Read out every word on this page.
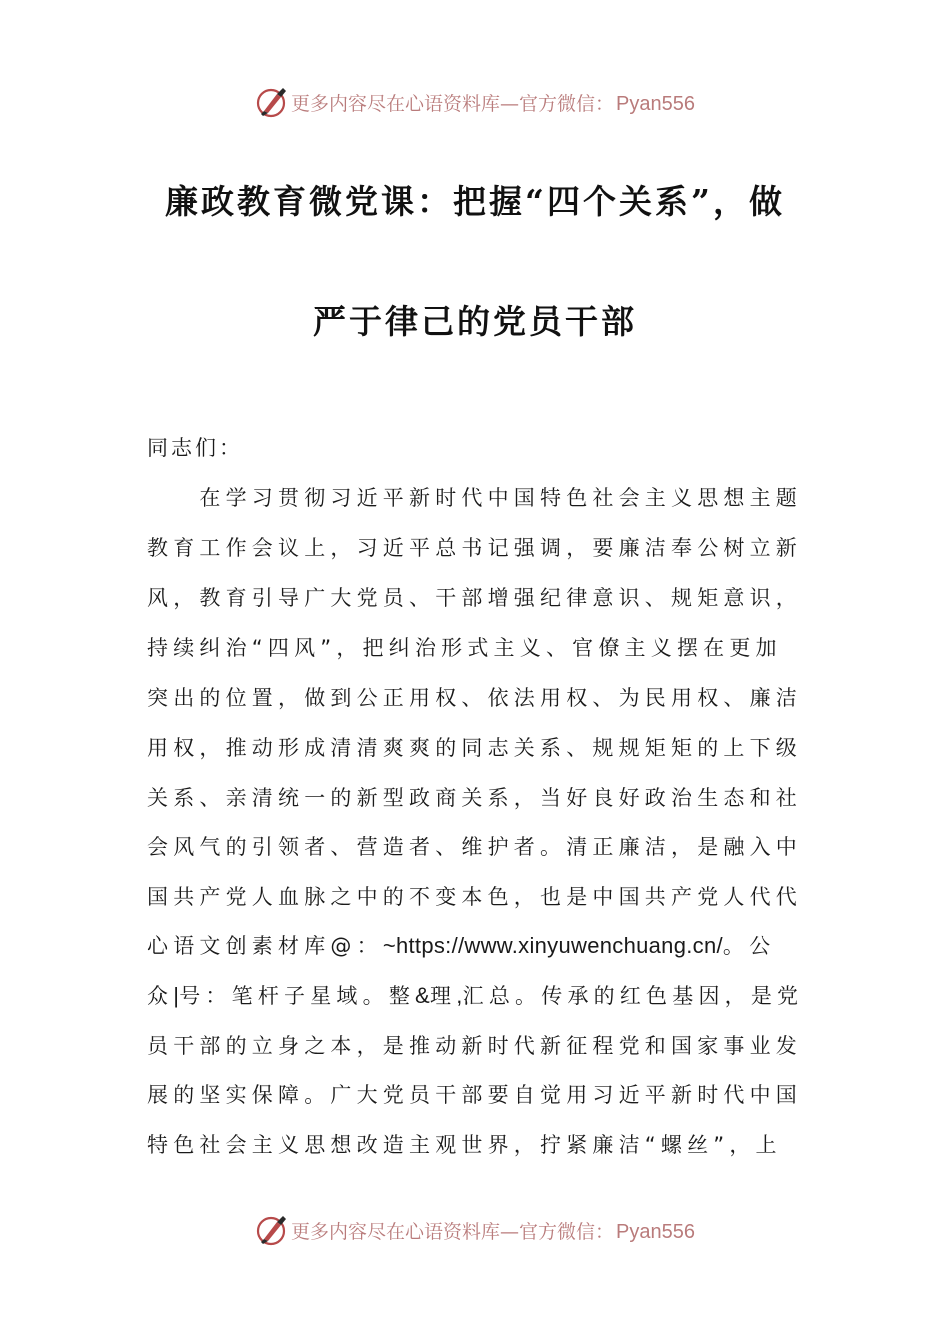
更多内容尽在心语资料库—官方微信： Pyan556
廉政教育微党课：把握“四个关系”，做
严于律己的党员干部
同志们：
　　在学习贯彻习近平新时代中国特色社会主义思想主题
教育工作会议上，习近平总书记强调，要廉洁奉公树立新
风，教育引导广大党员、干部增强纪律意识、规矩意识，
持续纠治“四风”，把纠治形式主义、官僚主义摆在更加
突出的位置，做到公正用权、依法用权、为民用权、廉洁
用权，推动形成清清爽爽的同志关系、规规矩矩的上下级
关系、亲清统一的新型政商关系，当好良好政治生态和社
会风气的引领者、营造者、维护者。清正廉洁，是融入中
国共产党人血脉之中的不变本色，也是中国共产党人代代
心语文创素材库@：~https://www.xinyuwenchuang.cn/。公
众|号：笔杆子星域。整&理,汇总。传承的红色基因，是党
员干部的立身之本，是推动新时代新征程党和国家事业发
展的坚实保障。广大党员干部要自觉用习近平新时代中国
特色社会主义思想改造主观世界，拧紧廉洁“螺丝”，上
更多内容尽在心语资料库—官方微信： Pyan556
